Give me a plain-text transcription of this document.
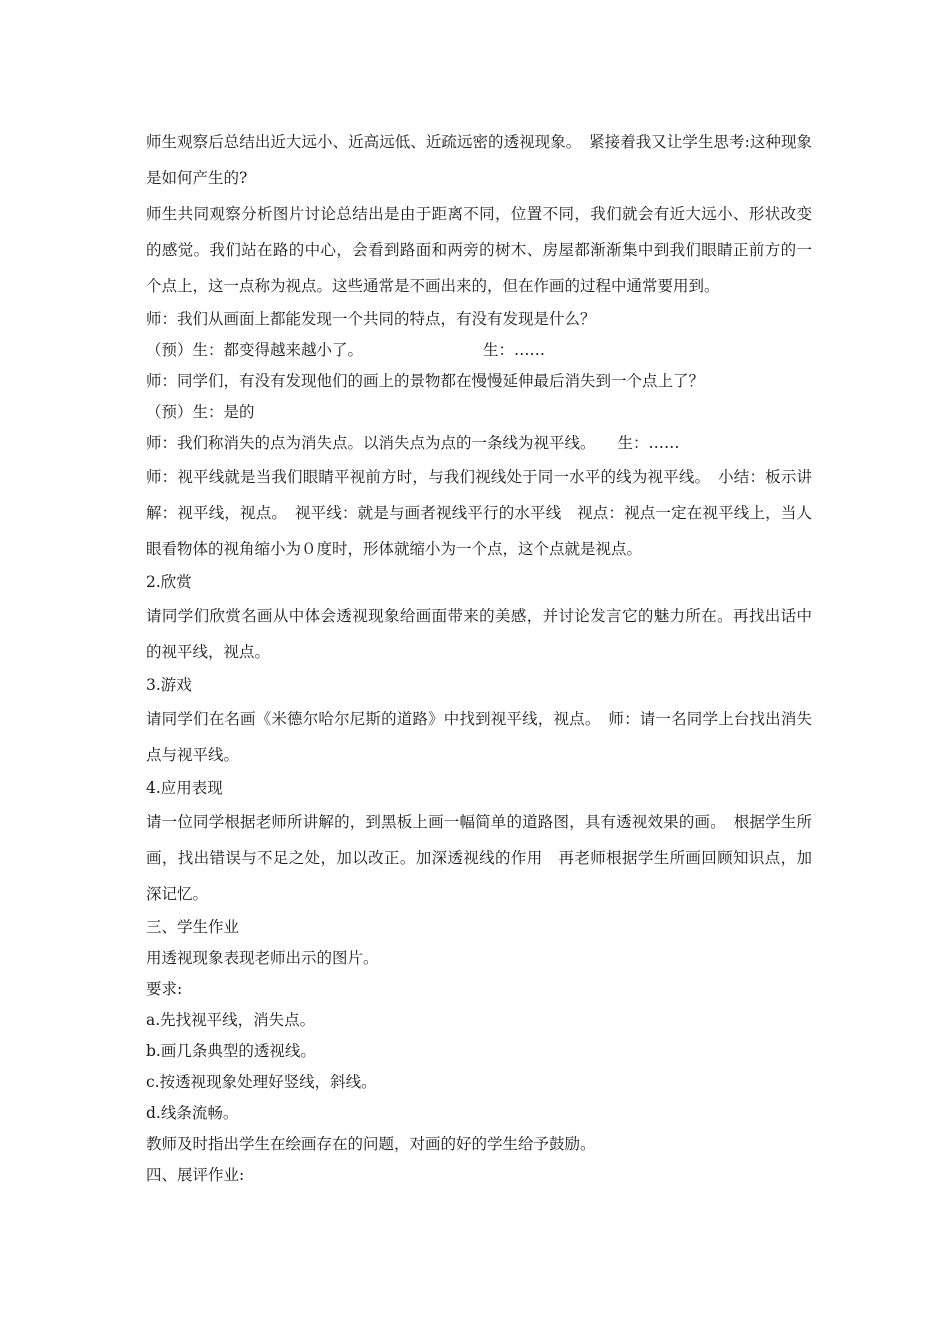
师生观察后总结出近大远小、近高远低、近疏远密的透视现象。　紧接着我又让学生思考:这种现象是如何产生的?

师生共同观察分析图片讨论总结出是由于距离不同，位置不同，我们就会有近大远小、形状改变的感觉。我们站在路的中心，会看到路面和两旁的树木、房屋都渐渐集中到我们眼睛正前方的一个点上，这一点称为视点。这些通常是不画出来的，但在作画的过程中通常要用到。

师：我们从画面上都能发现一个共同的特点，有没有发现是什么？

（预）生：都变得越来越小了。	生：……

师：同学们，有没有发现他们的画上的景物都在慢慢延伸最后消失到一个点上了？

（预）生：是的

师：我们称消失的点为消失点。以消失点为点的一条线为视平线。 生：……

师：视平线就是当我们眼睛平视前方时，与我们视线处于同一水平的线为视平线。　小结：板示讲解：视平线，视点。　视平线：就是与画者视线平行的水平线　视点：视点一定在视平线上，当人眼看物体的视角缩小为０度时，形体就缩小为一个点，这个点就是视点。

2.欣赏

请同学们欣赏名画从中体会透视现象给画面带来的美感，并讨论发言它的魅力所在。再找出话中的视平线，视点。

3.游戏

请同学们在名画《米德尔哈尔尼斯的道路》中找到视平线，视点。　师：请一名同学上台找出消失点与视平线。

4.应用表现

请一位同学根据老师所讲解的，到黑板上画一幅简单的道路图，具有透视效果的画。　根据学生所画，找出错误与不足之处，加以改正。加深透视线的作用　再老师根据学生所画回顾知识点，加深记忆。

三、学生作业

用透视现象表现老师出示的图片。

要求:

a.先找视平线，消失点。

b.画几条典型的透视线。

c.按透视现象处理好竖线，斜线。

d.线条流畅。

教师及时指出学生在绘画存在的问题，对画的好的学生给予鼓励。

四、展评作业:
